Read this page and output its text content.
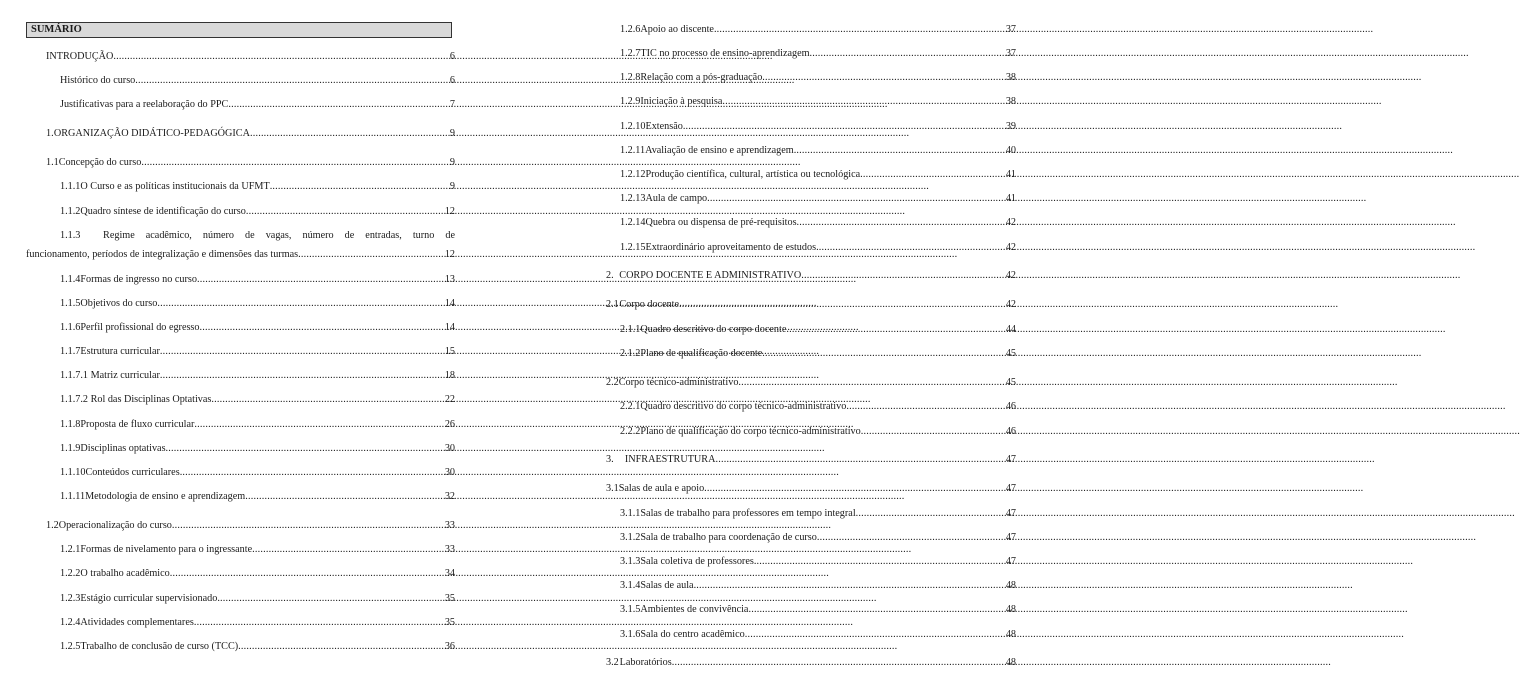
SUMÁRIO
INTRODUÇÃO .....	6
Histórico do curso .....	6
Justificativas para a reelaboração do PPC .....	7
1. ORGANIZAÇÃO DIDÁTICO-PEDAGÓGICA .....	9
1.1 Concepção do curso .....	9
1.1.1 O Curso e as políticas institucionais da UFMT .....	9
1.1.2 Quadro síntese de identificação do curso .....	12
1.1.3	Regime acadêmico, número de vagas, número de entradas, turno de
funcionamento, períodos de integralização e dimensões das turmas .....	12
1.1.4 Formas de ingresso no curso .....	13
1.1.5 Objetivos do curso .....	14
1.1.6 Perfil profissional do egresso .....	14
1.1.7 Estrutura curricular .....	15
1.1.7.1 Matriz curricular .....	18
1.1.7.2 Rol das Disciplinas Optativas .....	22
1.1.8 Proposta de fluxo curricular .....	26
1.1.9 Disciplinas optativas .....	30
1.1.10 Conteúdos curriculares .....	30
1.1.11 Metodologia de ensino e aprendizagem .....	32
1.2 Operacionalização do curso .....	33
1.2.1 Formas de nivelamento para o ingressante .....	33
1.2.2 O trabalho acadêmico .....	34
1.2.3 Estágio curricular supervisionado .....	35
1.2.4 Atividades complementares .....	35
1.2.5 Trabalho de conclusão de curso (TCC) .....	36
1.2.6 Apoio ao discente .....	37
1.2.7 TIC no processo de ensino-aprendizagem .....	37
1.2.8 Relação com a pós-graduação .....	38
1.2.9 Iniciação à pesquisa .....	38
1.2.10 Extensão .....	39
1.2.11 Avaliação de ensino e aprendizagem .....	40
1.2.12 Produção científica, cultural, artística ou tecnológica .....	41
1.2.13 Aula de campo .....	41
1.2.14 Quebra ou dispensa de pré-requisitos .....	42
1.2.15 Extraordinário aproveitamento de estudos .....	42
2. CORPO DOCENTE E ADMINISTRATIVO .....	42
2.1 Corpo docente .....	42
2.1.1 Quadro descritivo do corpo docente .....	44
2.1.2 Plano de qualificação docente .....	45
2.2 Corpo técnico-administrativo .....	45
2.2.1 Quadro descritivo do corpo técnico-administrativo .....	46
2.2.2 Plano de qualificação do corpo técnico-administrativo .....	46
3.	INFRAESTRUTURA .....	47
3.1 Salas de aula e apoio .....	47
3.1.1 Salas de trabalho para professores em tempo integral .....	47
3.1.2 Sala de trabalho para coordenação de curso .....	47
3.1.3 Sala coletiva de professores .....	47
3.1.4 Salas de aula .....	48
3.1.5 Ambientes de convivência .....	48
3.1.6 Sala do centro acadêmico .....	48
3.2 Laboratórios .....	48
